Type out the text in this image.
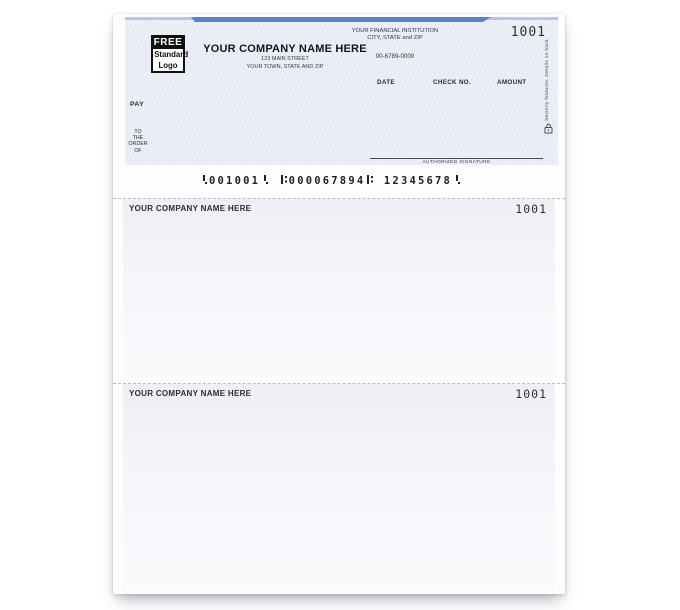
1001
FREE
Standard
Logo
YOUR COMPANY NAME HERE
123 MAIN STREET
YOUR TOWN, STATE AND ZIP
YOUR FINANCIAL INSTITUTION
CITY, STATE and ZIP
00-6789-0000
DATE	CHECK NO.	AMOUNT
PAY
TO
THE
ORDER
OF
AUTHORIZED SIGNATURE
Security features. Details on back.
001001	000067894 12345678
YOUR COMPANY NAME HERE	1001
YOUR COMPANY NAME HERE	1001
